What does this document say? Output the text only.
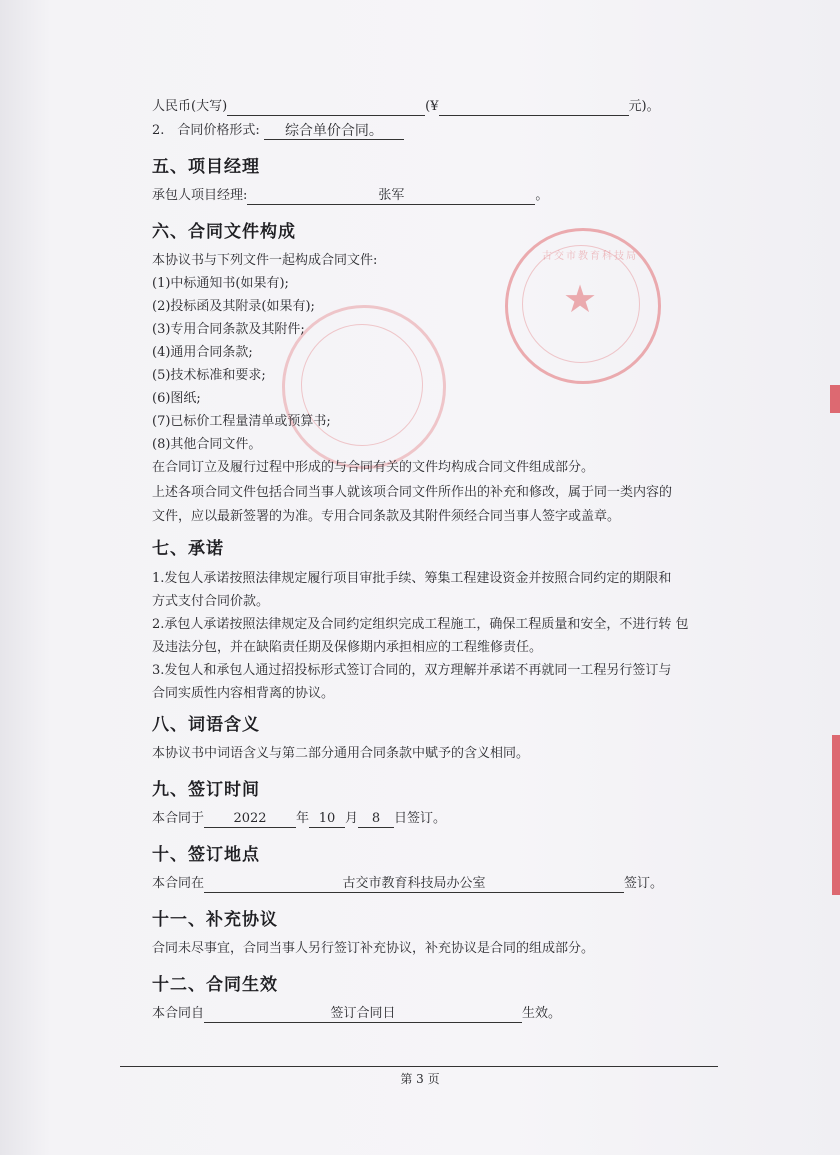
★
古交市教育科技局
人民币(大写)	(¥	元)。
2.　合同价格形式: 综合单价合同。
五、项目经理
承包人项目经理:	张军	。
六、合同文件构成
本协议书与下列文件一起构成合同文件:
(1)中标通知书(如果有);
(2)投标函及其附录(如果有);
(3)专用合同条款及其附件;
(4)通用合同条款;
(5)技术标准和要求;
(6)图纸;
(7)已标价工程量清单或预算书;
(8)其他合同文件。
在合同订立及履行过程中形成的与合同有关的文件均构成合同文件组成部分。
上述各项合同文件包括合同当事人就该项合同文件所作出的补充和修改，属于同一类内容的
文件，应以最新签署的为准。专用合同条款及其附件须经合同当事人签字或盖章。
七、承诺
1.发包人承诺按照法律规定履行项目审批手续、筹集工程建设资金并按照合同约定的期限和
方式支付合同价款。
2.承包人承诺按照法律规定及合同约定组织完成工程施工，确保工程质量和安全，不进行转 包
及违法分包，并在缺陷责任期及保修期内承担相应的工程维修责任。
3.发包人和承包人通过招投标形式签订合同的，双方理解并承诺不再就同一工程另行签订与
合同实质性内容相背离的协议。
八、词语含义
本协议书中词语含义与第二部分通用合同条款中赋予的含义相同。
九、签订时间
本合同于 2022 年 10 月 8 日签订。
十、签订地点
本合同在	古交市教育科技局办公室	签订。
十一、补充协议
合同未尽事宜，合同当事人另行签订补充协议，补充协议是合同的组成部分。
十二、合同生效
本合同自	签订合同日	生效。
第 3 页
